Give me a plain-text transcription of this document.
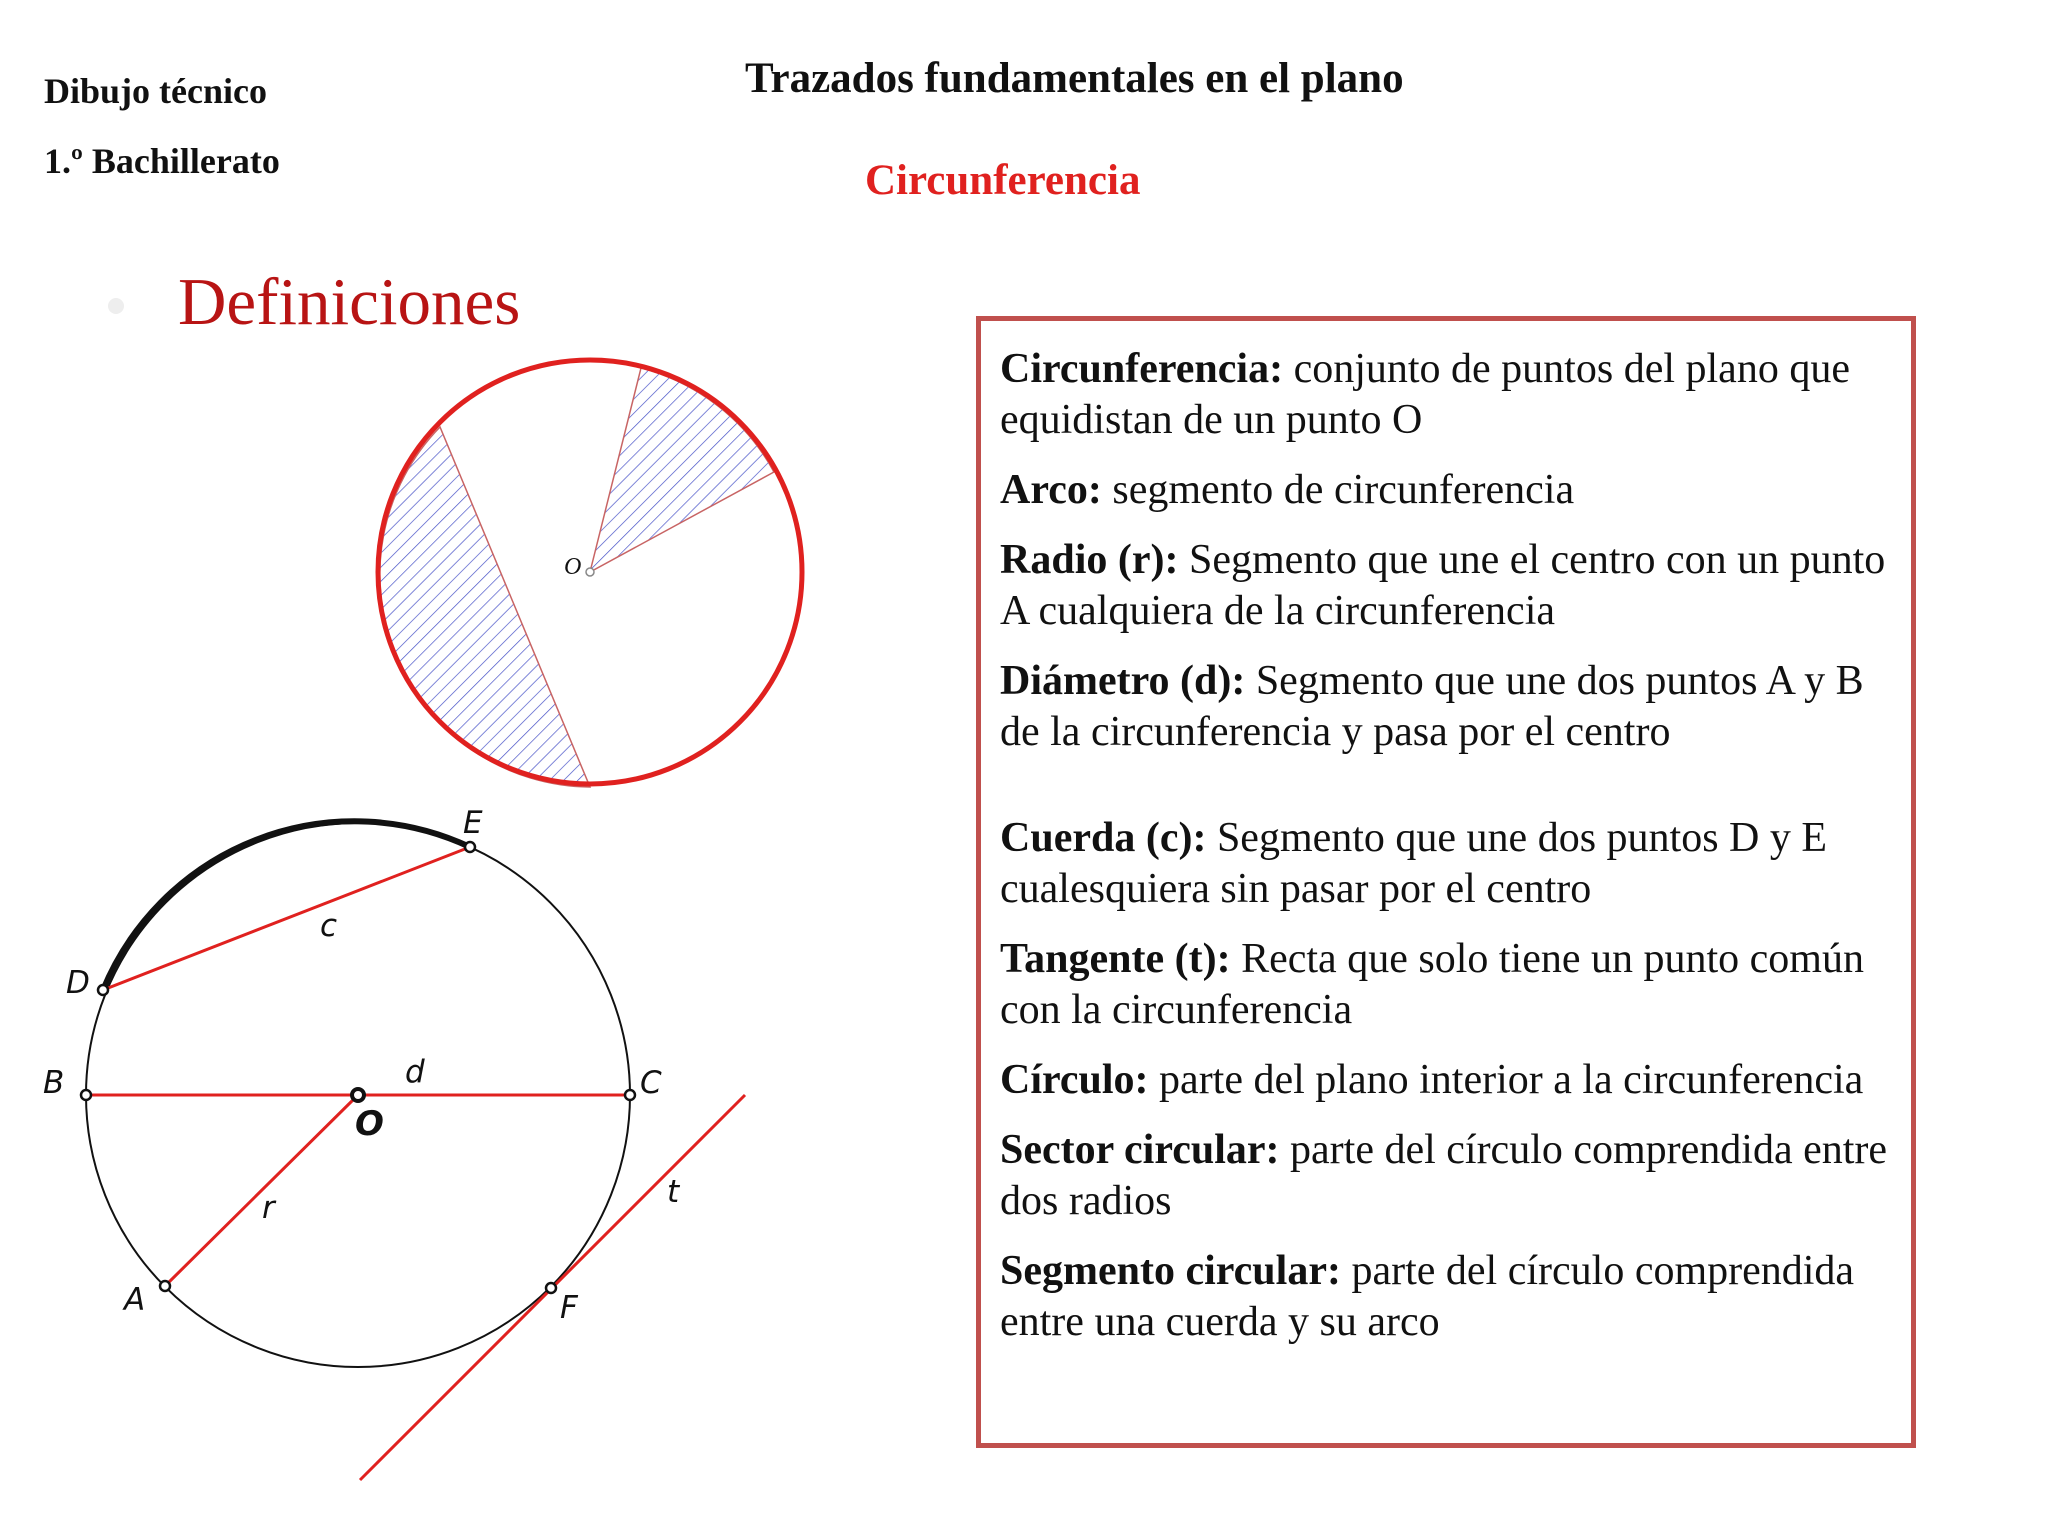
Dibujo técnico
1.º Bachillerato
Trazados fundamentales en el plano
Circunferencia
Definiciones
Circunferencia: conjunto de puntos del plano que equidistan de un punto O
Arco: segmento de circunferencia
Radio (r): Segmento que une el centro con un punto A cualquiera de la circunferencia
Diámetro (d): Segmento que une dos puntos A y B de la circunferencia y pasa por el centro
Cuerda (c): Segmento que une dos puntos D y E cualesquiera sin pasar por el centro
Tangente (t): Recta que solo tiene un punto común con la circunferencia
Círculo: parte del plano interior a la circunferencia
Sector circular: parte del círculo comprendida entre dos radios
Segmento circular: parte del círculo comprendida entre una cuerda y su arco
O
E
D
B	C
O
A	F
c
d
r	t
